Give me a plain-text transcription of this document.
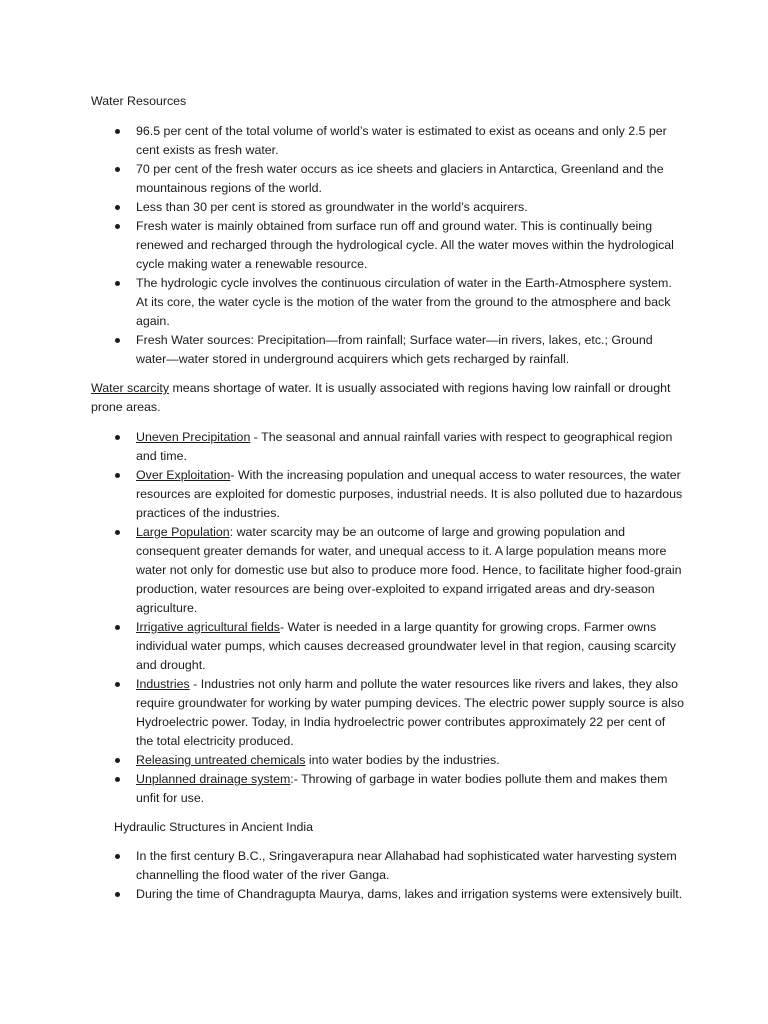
Water Resources
96.5 per cent of the total volume of world’s water is estimated to exist as oceans and only 2.5 per cent exists as fresh water.
70 per cent of the fresh water occurs as ice sheets and glaciers in Antarctica, Greenland and the mountainous regions of the world.
Less than 30 per cent is stored as groundwater in the world’s acquirers.
Fresh water is mainly obtained from surface run off and ground water. This is continually being renewed and recharged through the hydrological cycle. All the water moves within the hydrological cycle making water a renewable resource.
The hydrologic cycle involves the continuous circulation of water in the Earth-Atmosphere system. At its core, the water cycle is the motion of the water from the ground to the atmosphere and back again.
Fresh Water sources: Precipitation—from rainfall; Surface water—in rivers, lakes, etc.; Ground water—water stored in underground acquirers which gets recharged by rainfall.
Water scarcity means shortage of water. It is usually associated with regions having low rainfall or drought prone areas.
Uneven Precipitation - The seasonal and annual rainfall varies with respect to geographical region and time.
Over Exploitation- With the increasing population and unequal access to water resources, the water resources are exploited for domestic purposes, industrial needs. It is also polluted due to hazardous practices of the industries.
Large Population: water scarcity may be an outcome of large and growing population and consequent greater demands for water, and unequal access to it. A large population means more water not only for domestic use but also to produce more food. Hence, to facilitate higher food-grain production, water resources are being over-exploited to expand irrigated areas and dry-season agriculture.
Irrigative agricultural fields- Water is needed in a large quantity for growing crops. Farmer owns individual water pumps, which causes decreased groundwater level in that region, causing scarcity and drought.
Industries - Industries not only harm and pollute the water resources like rivers and lakes, they also require groundwater for working by water pumping devices. The electric power supply source is also Hydroelectric power. Today, in India hydroelectric power contributes approximately 22 per cent of the total electricity produced.
Releasing untreated chemicals into water bodies by the industries.
Unplanned drainage system:- Throwing of garbage in water bodies pollute them and makes them unfit for use.
Hydraulic Structures in Ancient India
In the first century B.C., Sringaverapura near Allahabad had sophisticated water harvesting system channelling the flood water of the river Ganga.
During the time of Chandragupta Maurya, dams, lakes and irrigation systems were extensively built.
